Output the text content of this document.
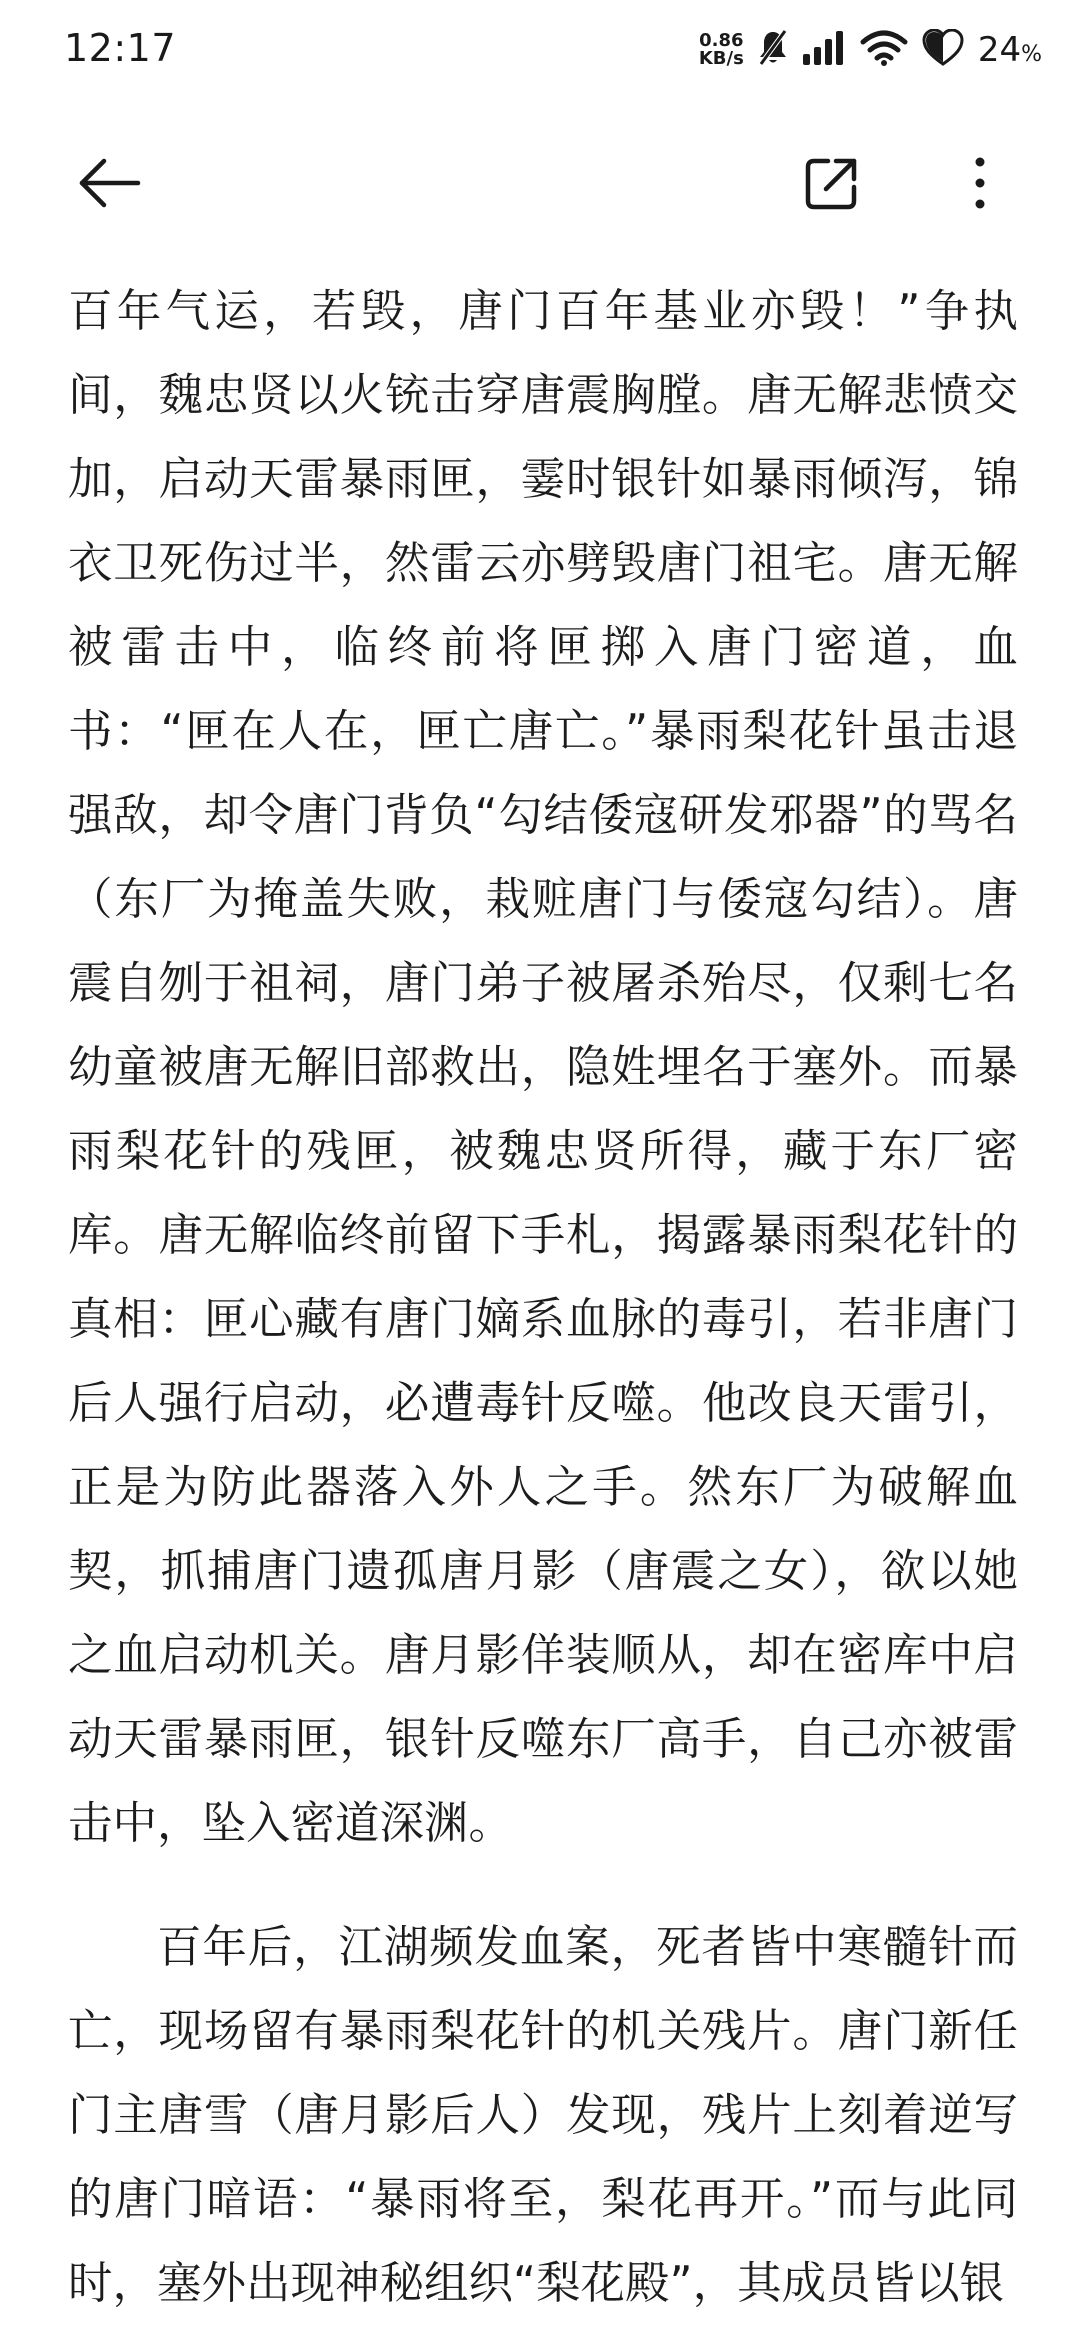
12:17	0.86
KB/s	24%

百年气运，若毁，唐门百年基业亦毁！”争执间，魏忠贤以火铳击穿唐震胸膛。唐无解悲愤交加，启动天雷暴雨匣，霎时银针如暴雨倾泻，锦衣卫死伤过半，然雷云亦劈毁唐门祖宅。唐无解被雷击中，临终前将匣掷入唐门密道，血书：“匣在人在，匣亡唐亡。”暴雨梨花针虽击退强敌，却令唐门背负“勾结倭寇研发邪器”的骂名（东厂为掩盖失败，栽赃唐门与倭寇勾结）。唐震自刎于祖祠，唐门弟子被屠杀殆尽，仅剩七名幼童被唐无解旧部救出，隐姓埋名于塞外。而暴雨梨花针的残匣，被魏忠贤所得，藏于东厂密库。唐无解临终前留下手札，揭露暴雨梨花针的真相：匣心藏有唐门嫡系血脉的毒引，若非唐门后人强行启动，必遭毒针反噬。他改良天雷引，正是为防此器落入外人之手。然东厂为破解血契，抓捕唐门遗孤唐月影（唐震之女），欲以她之血启动机关。唐月影佯装顺从，却在密库中启动天雷暴雨匣，银针反噬东厂高手，自己亦被雷击中，坠入密道深渊。

百年后，江湖频发血案，死者皆中寒髓针而亡，现场留有暴雨梨花针的机关残片。唐门新任门主唐雪（唐月影后人）发现，残片上刻着逆写的唐门暗语：“暴雨将至，梨花再开。”而与此同时，塞外出现神秘组织“梨花殿”，其成员皆以银
